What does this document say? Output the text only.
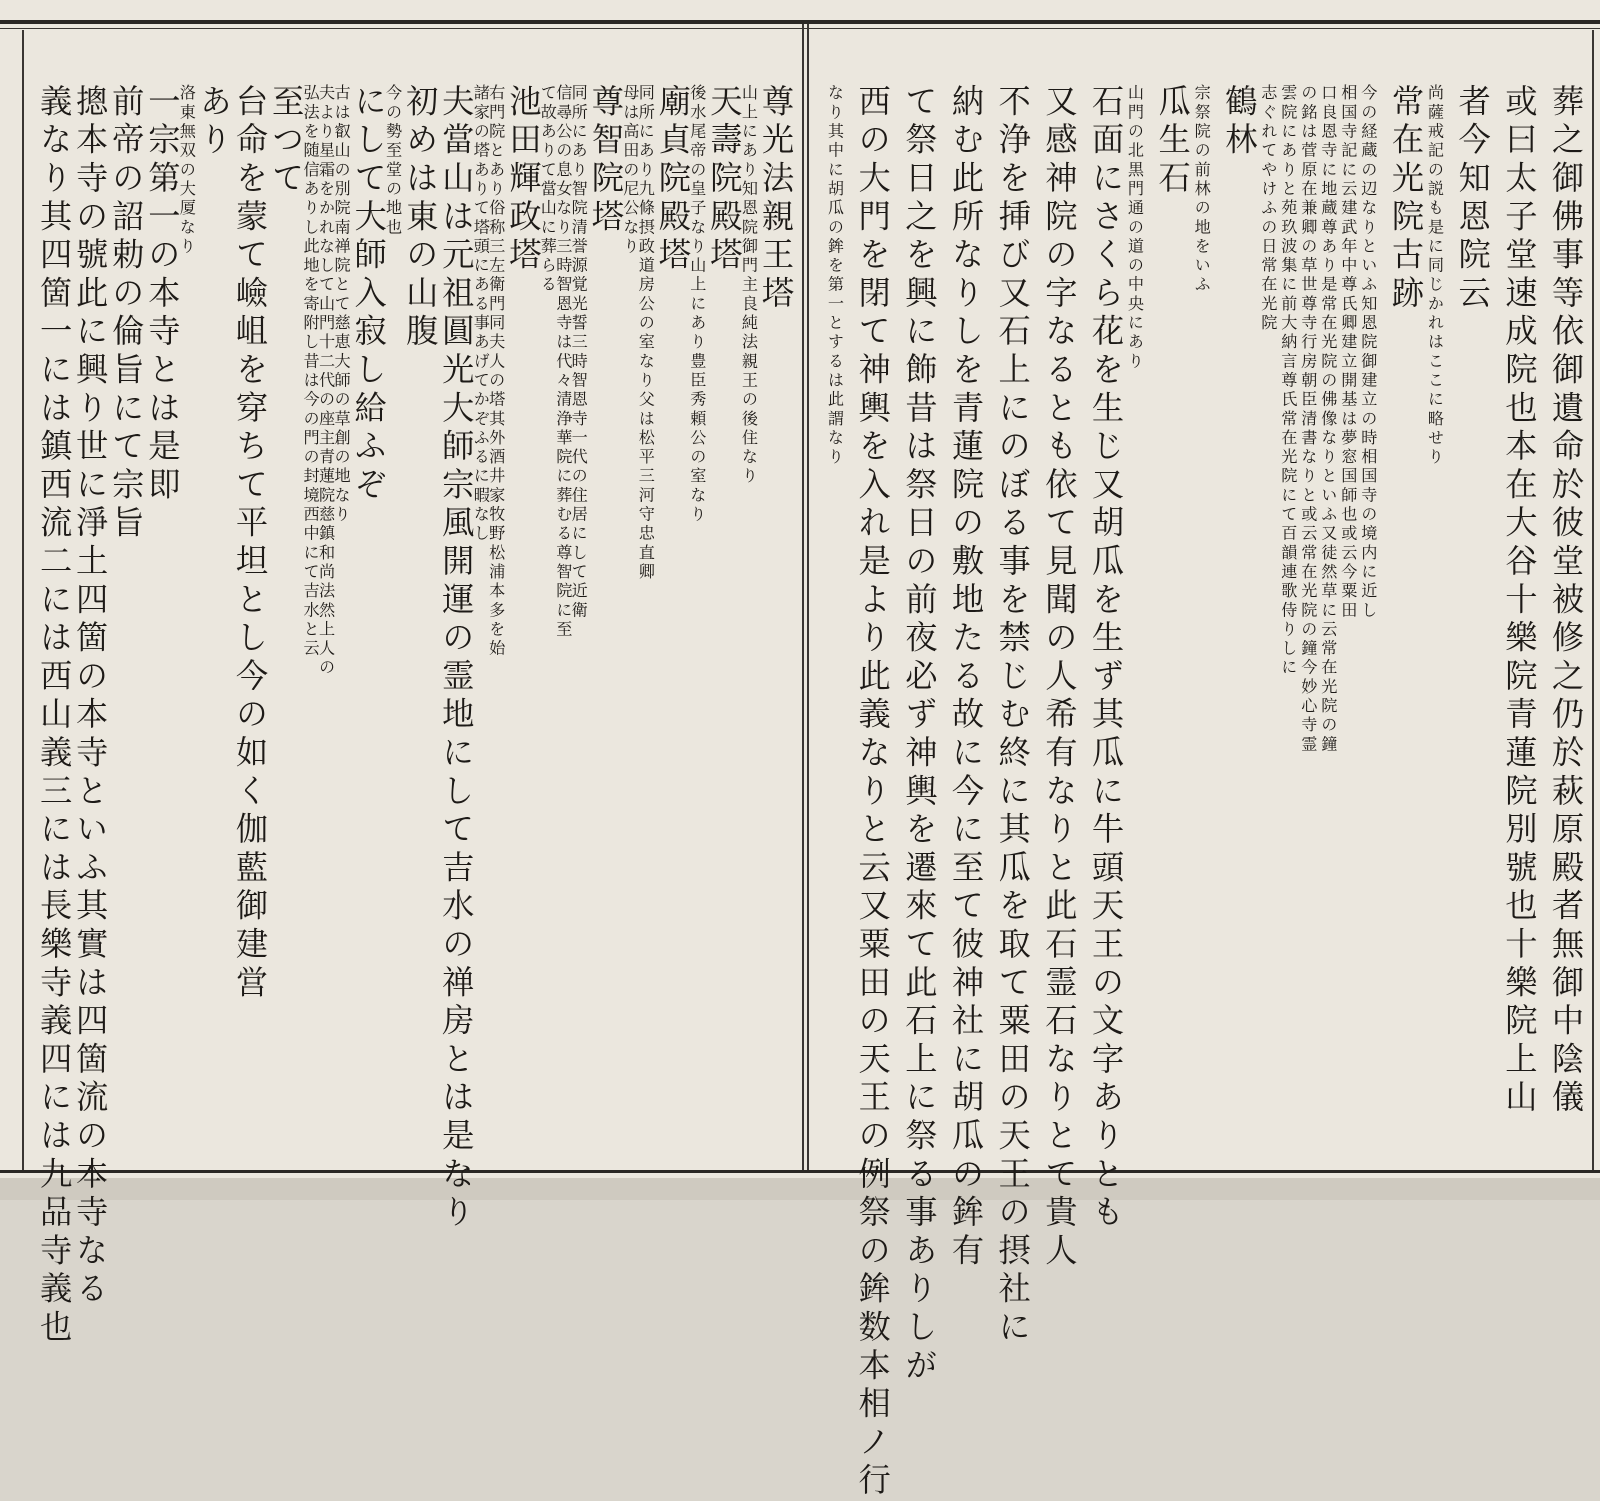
葬之御佛事等依御遺命於彼堂被修之仍於萩原殿者無御中陰儀
或曰太子堂速成院也本在大谷十樂院青蓮院別號也十樂院上山
者今知恩院云
尚薩戒記の説も是に同じかれはここに略せり
常在光院古跡
今の経蔵の辺なりといふ知恩院御建立の時相国寺の境内に近し
相国寺記に云建武年中尊氏卿建立開基は夢窓国師也或云今粟田
口良恩寺に地蔵尊あり是常在光院の佛像なりといふ又徒然草に云常在光院の鐘
の銘は菅原在兼卿の草世尊寺行房朝臣清書なりと或云常在光院の鐘今妙心寺霊
雲院にありと苑玖波集に前大納言尊氏常在光院にて百韻連歌侍りしに
志ぐれてやけふの日常在光院
鶴林
宗祭院の前林の地をいふ
瓜生石
山門の北黒門通の道の中央にあり
石面にさくら花を生じ又胡瓜を生ず其瓜に牛頭天王の文字ありとも
又感神院の字なるとも依て見聞の人希有なりと此石霊石なりとて貴人
不浄を挿び又石上にのぼる事を禁じむ終に其瓜を取て粟田の天王の摂社に
納む此所なりしを青蓮院の敷地たる故に今に至て彼神社に胡瓜の鉾有
て祭日之を興に飾昔は祭日の前夜必ず神輿を遷來て此石上に祭る事ありしが
西の大門を閉て神輿を入れ是より此義なりと云又粟田の天王の例祭の鉾数本相ノ行
なり其中に胡瓜の鉾を第一とするは此謂なり
尊光法親王塔
山上にあり知恩院御門主良純法親王の後住なり
天壽院殿塔
後水尾帝の皇子なり山上にあり豊臣秀頼公の室なり
廟貞院殿塔
同所にあり九條摂政道房公の室なり父は松平三河守忠直卿
母は高田の尼公なり
尊智院塔
同所にあり智院清誉源覚光誓三時智恩寺一代の住居にして近衛
信尋公の息女なり三時智恩寺は代々清浄華院に葬むる尊智院に至
て故ありて當山に葬らる
池田輝政塔
右門院とあり俗称三左衛門同夫人の塔其外酒井家牧野松浦本多を始
諸家の塔ありて塔頭にある事あげてかぞふるに暇なし
夫當山は元祖圓光大師宗風開運の霊地にして吉水の禅房とは是なり
初めは東の山腹
今の勢至堂の地也
にして大師入寂し給ふぞ
古は叡山の別院南禅院とて慈恵大師の草創の地なり
夫より星霜をかれなして山門十二代の座主青蓮院慈鎮和尚法然上人の
弘法を随信ありし此地を寄附し昔は今の門の封境西中にて吉水と云
至つて
台命を蒙て嶮岨を穿ちて平坦とし今の如く伽藍御建営
あり
洛東無双の大厦なり
一宗第一の本寺とは是即
前帝の詔勅の倫旨にて宗旨
摠本寺の號此に興り世に淨土四箇の本寺といふ其實は四箇流の本寺なる
義なり其四箇一には鎮西流二には西山義三には長樂寺義四には九品寺義也
